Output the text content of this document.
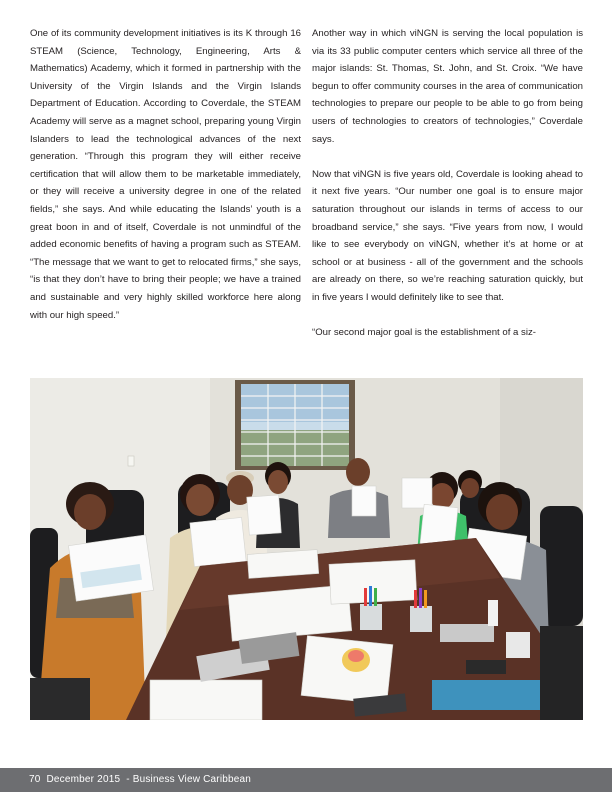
One of its community development initiatives is its K through 16 STEAM (Science, Technology, Engineering, Arts & Mathematics) Academy, which it formed in partnership with the University of the Virgin Islands and the Virgin Islands Department of Education. According to Coverdale, the STEAM Academy will serve as a magnet school, preparing young Virgin Islanders to lead the technological advances of the next generation. “Through this program they will either receive certification that will allow them to be marketable immediately, or they will receive a university degree in one of the related fields,” she says. And while educating the Islands’ youth is a great boon in and of itself, Coverdale is not unmindful of the added economic benefits of having a program such as STEAM. “The message that we want to get to relocated firms,” she says, “is that they don’t have to bring their people; we have a trained and sustainable and very highly skilled workforce here along with our high speed.”

Another way in which viNGN is serving the local population is via its 33 public computer centers which service all three of the major islands: St. Thomas, St. John, and St. Croix. “We have begun to offer community courses in the area of communication technologies to prepare our people to be able to go from being users of technologies to creators of technologies,” Coverdale says.

Now that viNGN is five years old, Coverdale is looking ahead to it next five years. “Our number one goal is to ensure major saturation throughout our islands in terms of access to our broadband service,” she says. “Five years from now, I would like to see everybody on viNGN, whether it’s at home or at school or at business - all of the government and the schools are already on there, so we’re reaching saturation quickly, but in five years I would definitely like to see that.

“Our second major goal is the establishment of a siz-

70  December 2015  - Business View Caribbean
